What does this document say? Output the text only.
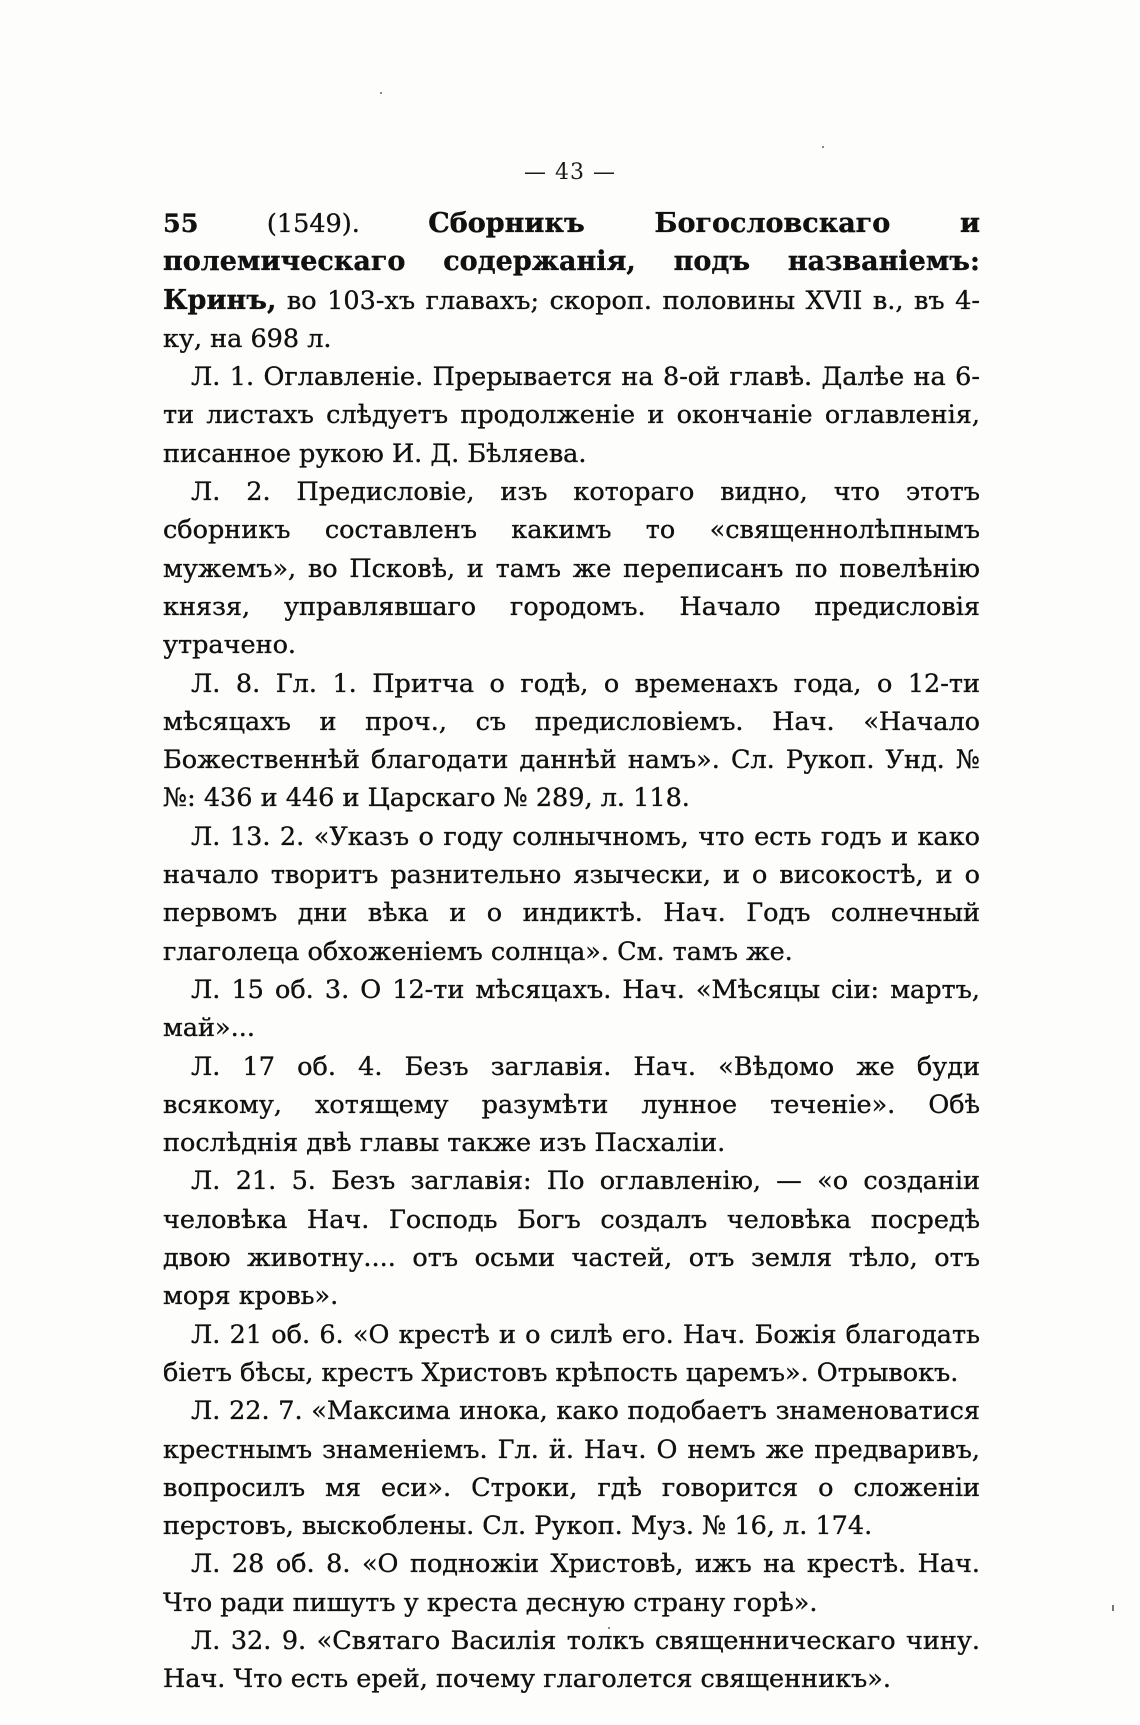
— 43 —

55 (1549). Сборникъ Богословскаго и полемическаго содержанія, подъ названіемъ: Кринъ, во 103-хъ главахъ; скороп. половины XVII в., въ 4-ку, на 698 л.

Л. 1. Оглавленіе. Прерывается на 8-ой главѣ. Далѣе на 6-ти листахъ слѣдуетъ продолженіе и окончаніе оглавленія, писанное рукою И. Д. Бѣляева.

Л. 2. Предисловіе, изъ котораго видно, что этотъ сборникъ составленъ какимъ то «священнолѣпнымъ мужемъ», во Псковѣ, и тамъ же переписанъ по повелѣнію князя, управлявшаго городомъ. Начало предисловія утрачено.

Л. 8. Гл. 1. Притча о годѣ, о временахъ года, о 12-ти мѣсяцахъ и проч., съ предисловіемъ. Нач. «Начало Божественнѣй благодати даннѣй намъ». Сл. Рукоп. Унд. №№: 436 и 446 и Царскаго № 289, л. 118.

Л. 13. 2. «Указъ о году солнычномъ, что есть годъ и како начало творитъ разнительно язычески, и о високостѣ, и о первомъ дни вѣка и о индиктѣ. Нач. Годъ солнечный глаголеца обхоженіемъ солнца». См. тамъ же.

Л. 15 об. 3. О 12-ти мѣсяцахъ. Нач. «Мѣсяцы сіи: мартъ, май»...

Л. 17 об. 4. Безъ заглавія. Нач. «Вѣдомо же буди всякому, хотящему разумѣти лунное теченіе». Обѣ послѣднія двѣ главы также изъ Пасхаліи.

Л. 21. 5. Безъ заглавія: По оглавленію, — «о созданіи человѣка Нач. Господь Богъ создалъ человѣка посредѣ двою животну.... отъ осьми частей, отъ земля тѣло, отъ моря кровь».

Л. 21 об. 6. «О крестѣ и о силѣ его. Нач. Божія благодать біетъ бѣсы, крестъ Христовъ крѣпость царемъ». Отрывокъ.

Л. 22. 7. «Максима инока, како подобаетъ знаменоватися крестнымъ знаменіемъ. Гл. ӥ. Нач. О немъ же предваривъ, вопросилъ мя еси». Строки, гдѣ говорится о сложеніи перстовъ, выскоблены. Сл. Рукоп. Муз. № 16, л. 174.

Л. 28 об. 8. «О подножіи Христовѣ, ижъ на крестѣ. Нач. Что ради пишутъ у креста десную страну горѣ».

Л. 32. 9. «Святаго Василія толкъ священническаго чину. Нач. Что есть ерей, почему глаголется священникъ».
